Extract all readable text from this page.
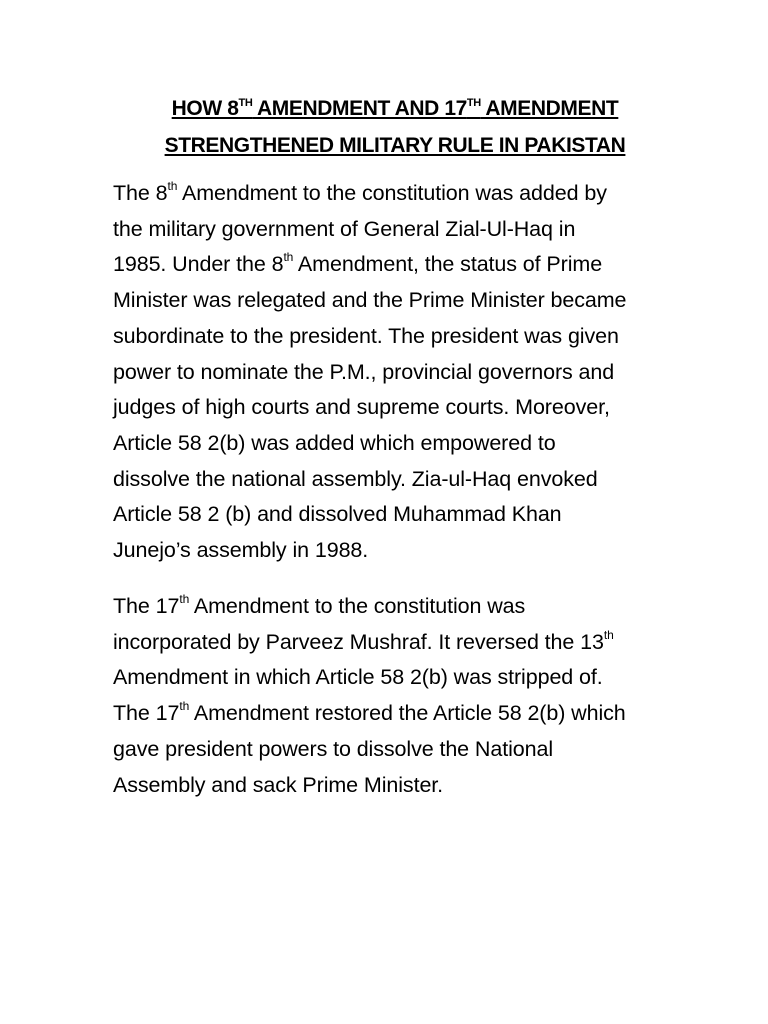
HOW 8TH AMENDMENT AND 17TH AMENDMENT
STRENGTHENED MILITARY RULE IN PAKISTAN

The 8th Amendment to the constitution was added by
the military government of General Zial-Ul-Haq in
1985. Under the 8th Amendment, the status of Prime
Minister was relegated and the Prime Minister became
subordinate to the president. The president was given
power to nominate the P.M., provincial governors and
judges of high courts and supreme courts. Moreover,
Article 58 2(b) was added which empowered to
dissolve the national assembly. Zia-ul-Haq envoked
Article 58 2 (b) and dissolved Muhammad Khan
Junejo’s assembly in 1988.

The 17th Amendment to the constitution was
incorporated by Parveez Mushraf. It reversed the 13th
Amendment in which Article 58 2(b) was stripped of.
The 17th Amendment restored the Article 58 2(b) which
gave president powers to dissolve the National
Assembly and sack Prime Minister.
